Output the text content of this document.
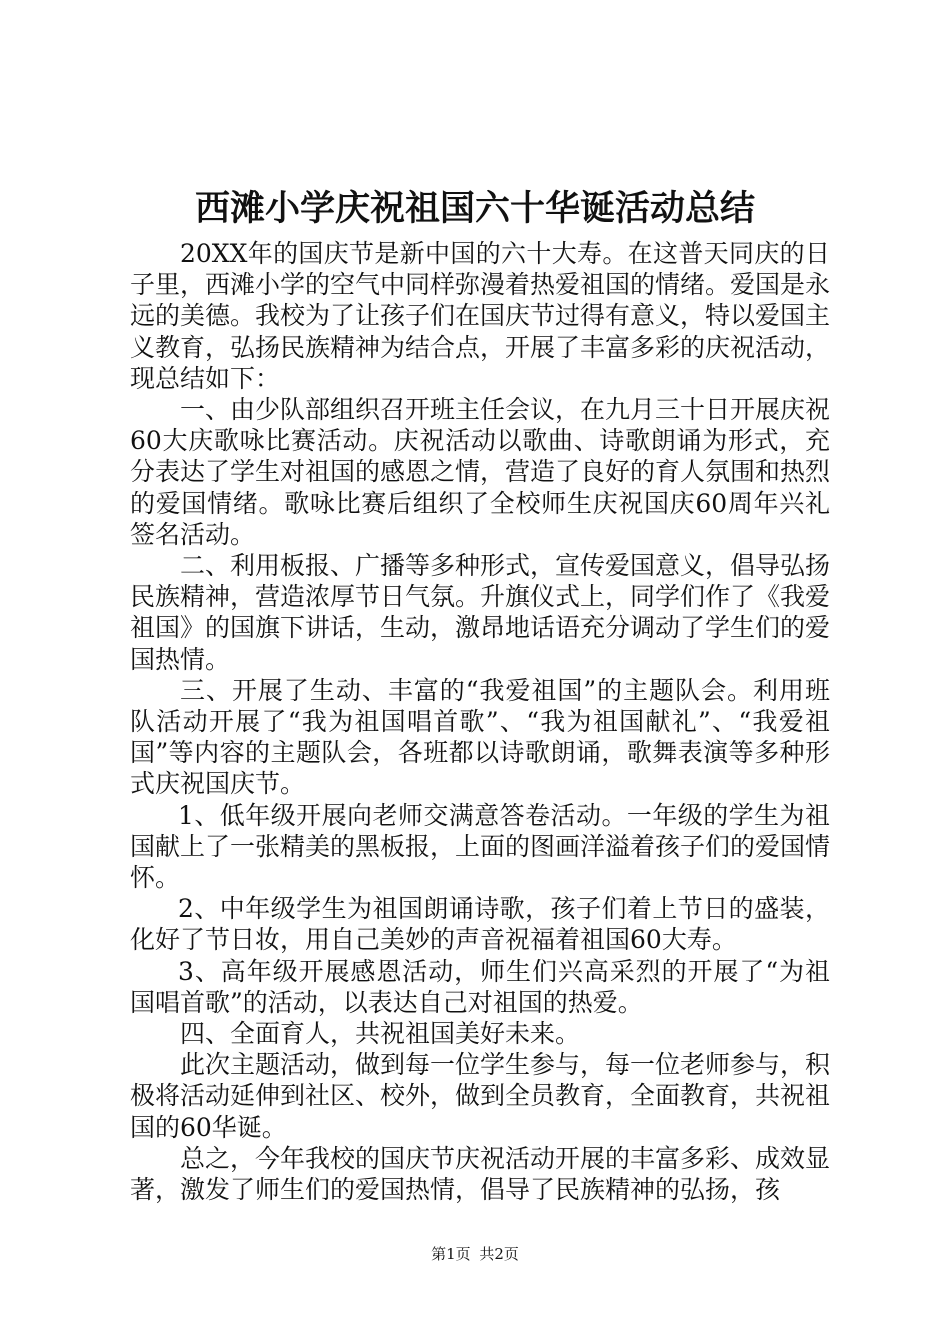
西滩小学庆祝祖国六十华诞活动总结

20XX年的国庆节是新中国的六十大寿。在这普天同庆的日子里，西滩小学的空气中同样弥漫着热爱祖国的情绪。爱国是永远的美德。我校为了让孩子们在国庆节过得有意义，特以爱国主义教育，弘扬民族精神为结合点，开展了丰富多彩的庆祝活动，现总结如下：

一、由少队部组织召开班主任会议，在九月三十日开展庆祝60大庆歌咏比赛活动。庆祝活动以歌曲、诗歌朗诵为形式，充分表达了学生对祖国的感恩之情，营造了良好的育人氛围和热烈的爱国情绪。歌咏比赛后组织了全校师生庆祝国庆60周年兴礼签名活动。

二、利用板报、广播等多种形式，宣传爱国意义，倡导弘扬民族精神，营造浓厚节日气氛。升旗仪式上，同学们作了《我爱祖国》的国旗下讲话，生动，激昂地话语充分调动了学生们的爱国热情。

三、开展了生动、丰富的“我爱祖国”的主题队会。利用班队活动开展了“我为祖国唱首歌”、“我为祖国献礼”、“我爱祖国”等内容的主题队会，各班都以诗歌朗诵，歌舞表演等多种形式庆祝国庆节。

1、低年级开展向老师交满意答卷活动。一年级的学生为祖国献上了一张精美的黑板报，上面的图画洋溢着孩子们的爱国情怀。

2、中年级学生为祖国朗诵诗歌，孩子们着上节日的盛装，化好了节日妆，用自己美妙的声音祝福着祖国60大寿。

3、高年级开展感恩活动，师生们兴高采烈的开展了“为祖国唱首歌”的活动，以表达自己对祖国的热爱。

四、全面育人，共祝祖国美好未来。

此次主题活动，做到每一位学生参与，每一位老师参与，积极将活动延伸到社区、校外，做到全员教育，全面教育，共祝祖国的60华诞。

总之，今年我校的国庆节庆祝活动开展的丰富多彩、成效显著，激发了师生们的爱国热情，倡导了民族精神的弘扬，孩

第1页 共2页
